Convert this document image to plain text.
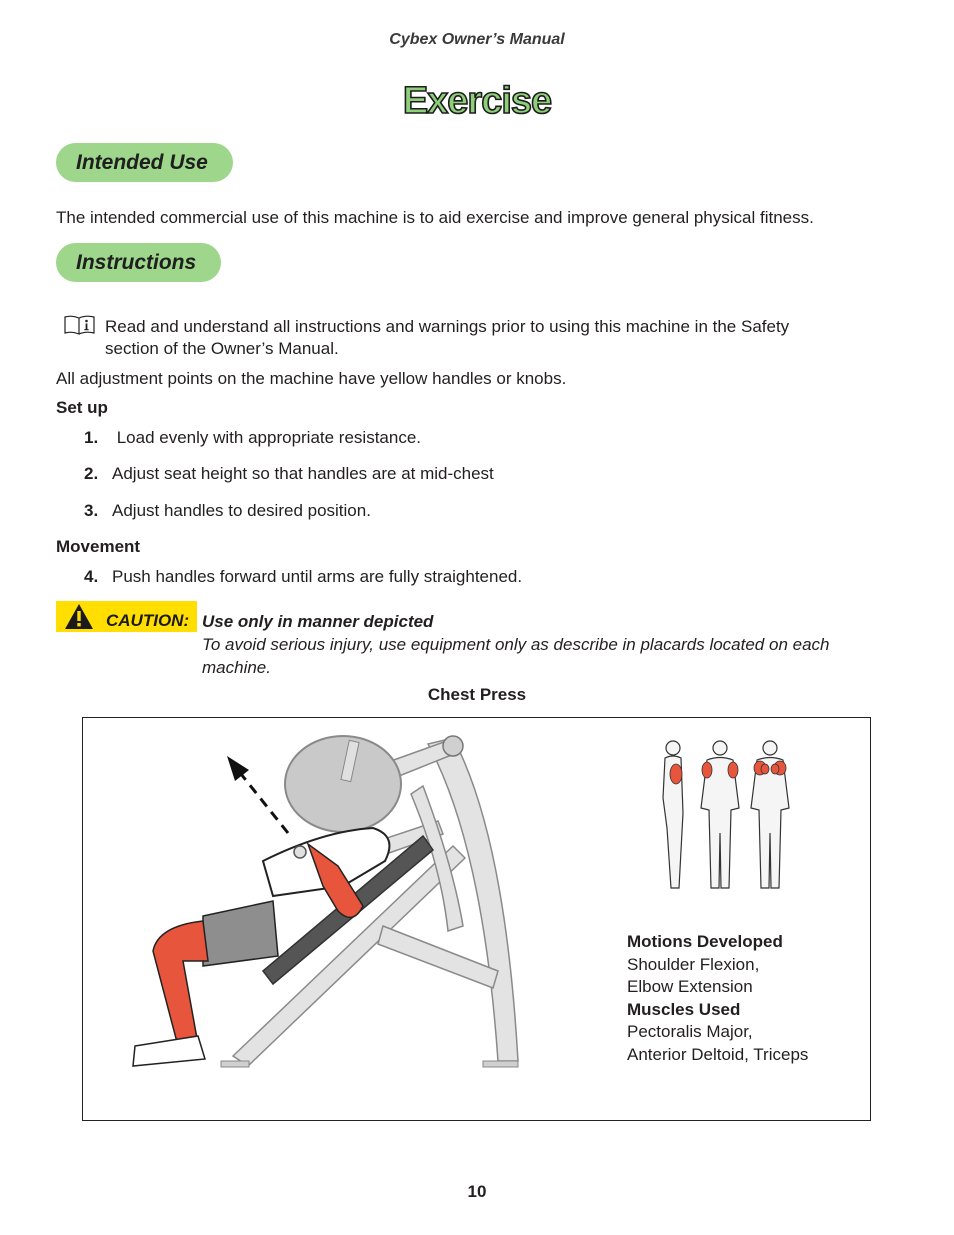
Cybex Owner’s Manual
Exercise
Intended Use
The intended commercial use of this machine is to aid exercise and improve general physical fitness.
Instructions
Read and understand all instructions and warnings prior to using this machine in the Safety
section of the Owner’s Manual.
All adjustment points on the machine have yellow handles or knobs.
Set up
1. Load evenly with appropriate resistance.
2. Adjust seat height so that handles are at mid-chest
3. Adjust handles to desired position.
Movement
4. Push handles forward until arms are fully straightened.
CAUTION: Use only in manner depicted
To avoid serious injury, use equipment only as describe in placards located on each
machine.
Chest Press
Motions Developed
Shoulder Flexion,
Elbow Extension
Muscles Used
Pectoralis Major,
Anterior Deltoid, Triceps
10
